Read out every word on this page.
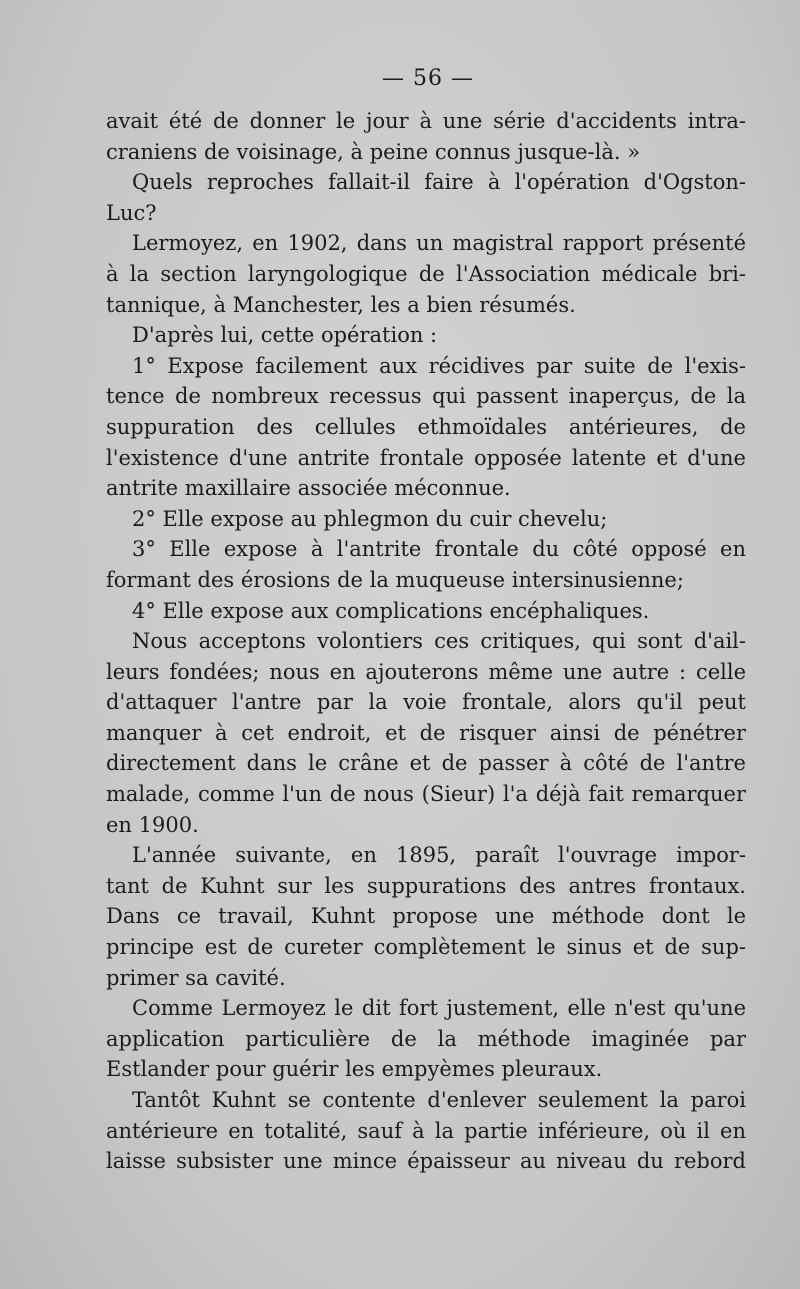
— 56 —
avait été de donner le jour à une série d'accidents intra-
craniens de voisinage, à peine connus jusque-là. »
Quels reproches fallait-il faire à l'opération d'Ogston-
Luc?
Lermoyez, en 1902, dans un magistral rapport présenté
à la section laryngologique de l'Association médicale bri-
tannique, à Manchester, les a bien résumés.
D'après lui, cette opération :
1° Expose facilement aux récidives par suite de l'exis-
tence de nombreux recessus qui passent inaperçus, de la
suppuration des cellules ethmoïdales antérieures, de
l'existence d'une antrite frontale opposée latente et d'une
antrite maxillaire associée méconnue.
2° Elle expose au phlegmon du cuir chevelu;
3° Elle expose à l'antrite frontale du côté opposé en
formant des érosions de la muqueuse intersinusienne;
4° Elle expose aux complications encéphaliques.
Nous acceptons volontiers ces critiques, qui sont d'ail-
leurs fondées; nous en ajouterons même une autre : celle
d'attaquer l'antre par la voie frontale, alors qu'il peut
manquer à cet endroit, et de risquer ainsi de pénétrer
directement dans le crâne et de passer à côté de l'antre
malade, comme l'un de nous (Sieur) l'a déjà fait remarquer
en 1900.
L'année suivante, en 1895, paraît l'ouvrage impor-
tant de Kuhnt sur les suppurations des antres frontaux.
Dans ce travail, Kuhnt propose une méthode dont le
principe est de cureter complètement le sinus et de sup-
primer sa cavité.
Comme Lermoyez le dit fort justement, elle n'est qu'une
application particulière de la méthode imaginée par
Estlander pour guérir les empyèmes pleuraux.
Tantôt Kuhnt se contente d'enlever seulement la paroi
antérieure en totalité, sauf à la partie inférieure, où il en
laisse subsister une mince épaisseur au niveau du rebord
